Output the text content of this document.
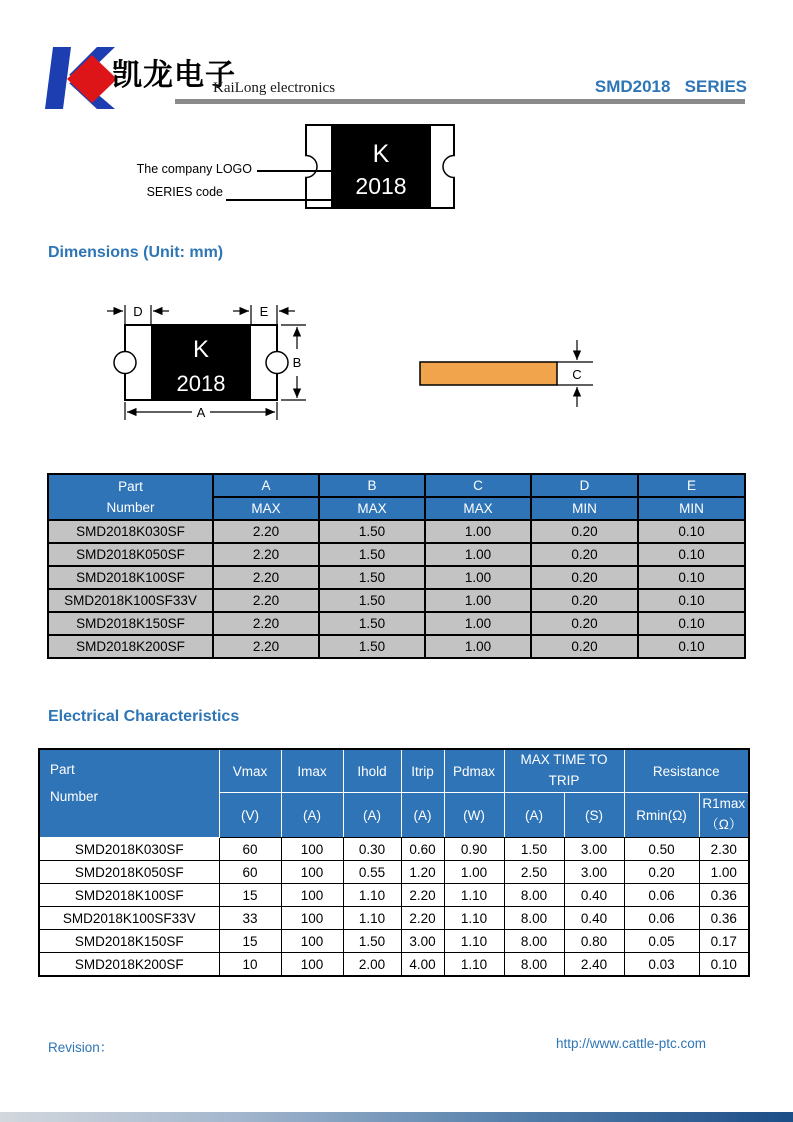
凯龙电子
KaiLong electronics	SMD2018   SERIES
K
2018
The company LOGO
SERIES code
Dimensions (Unit: mm)
D	E
K
2018
B
A
C
Part
Number	A	B	C	D	E
	MAX	MAX	MAX	MIN	MIN
SMD2018K030SF	2.20	1.50	1.00	0.20	0.10
SMD2018K050SF	2.20	1.50	1.00	0.20	0.10
SMD2018K100SF	2.20	1.50	1.00	0.20	0.10
SMD2018K100SF33V	2.20	1.50	1.00	0.20	0.10
SMD2018K150SF	2.20	1.50	1.00	0.20	0.10
SMD2018K200SF	2.20	1.50	1.00	0.20	0.10
Electrical Characteristics
Part
Number	Vmax	Imax	Ihold	Itrip	Pdmax	MAX TIME TO TRIP		Resistance	
	(V)	(A)	(A)	(A)	(W)	(A)	(S)	Rmin(Ω)	R1max
（Ω）

SMD2018K030SF	60	100	0.30	0.60	0.90	1.50	3.00	0.50	2.30
SMD2018K050SF	60	100	0.55	1.20	1.00	2.50	3.00	0.20	1.00
SMD2018K100SF	15	100	1.10	2.20	1.10	8.00	0.40	0.06	0.36
SMD2018K100SF33V	33	100	1.10	2.20	1.10	8.00	0.40	0.06	0.36
SMD2018K150SF	15	100	1.50	3.00	1.10	8.00	0.80	0.05	0.17
SMD2018K200SF	10	100	2.00	4.00	1.10	8.00	2.40	0.03	0.10
Revision：	http://www.cattle-ptc.com
